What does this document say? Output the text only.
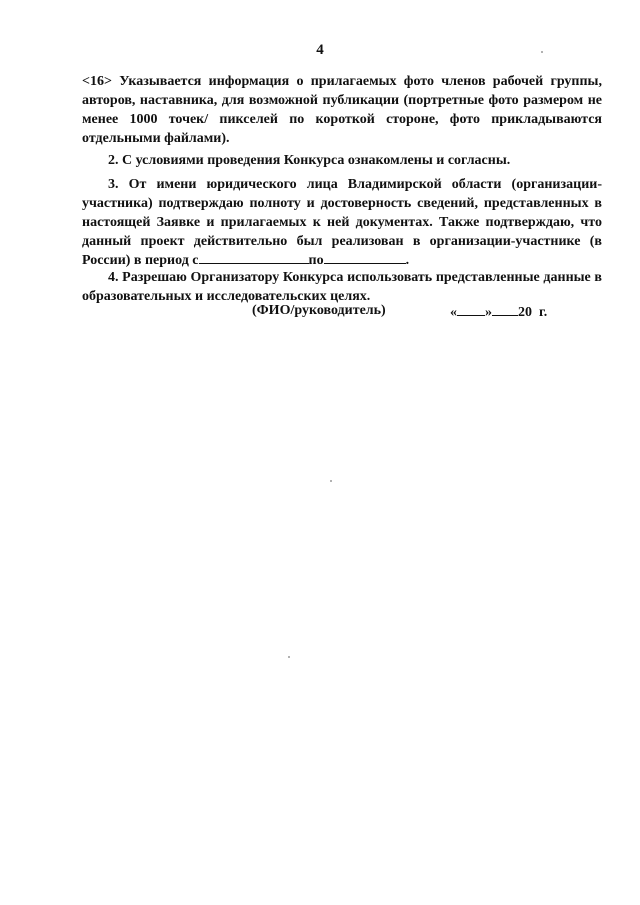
4

<16> Указывается информация о прилагаемых фото членов рабочей группы, авторов, наставника, для возможной публикации (портретные фото размером не менее 1000 точек/ пикселей по короткой стороне, фото прикладываются отдельными файлами).

2. С условиями проведения Конкурса ознакомлены и согласны.

3. От имени юридического лица Владимирской области (организации-участника) подтверждаю полноту и достоверность сведений, представленных в настоящей Заявке и прилагаемых к ней документах. Также подтверждаю, что данный проект действительно был реализован в организации-участнике (в России) в период с	по	.

4. Разрешаю Организатору Конкурса использовать представленные данные в образовательных и исследовательских целях.

(ФИО/руководитель)	« » 20 г.
